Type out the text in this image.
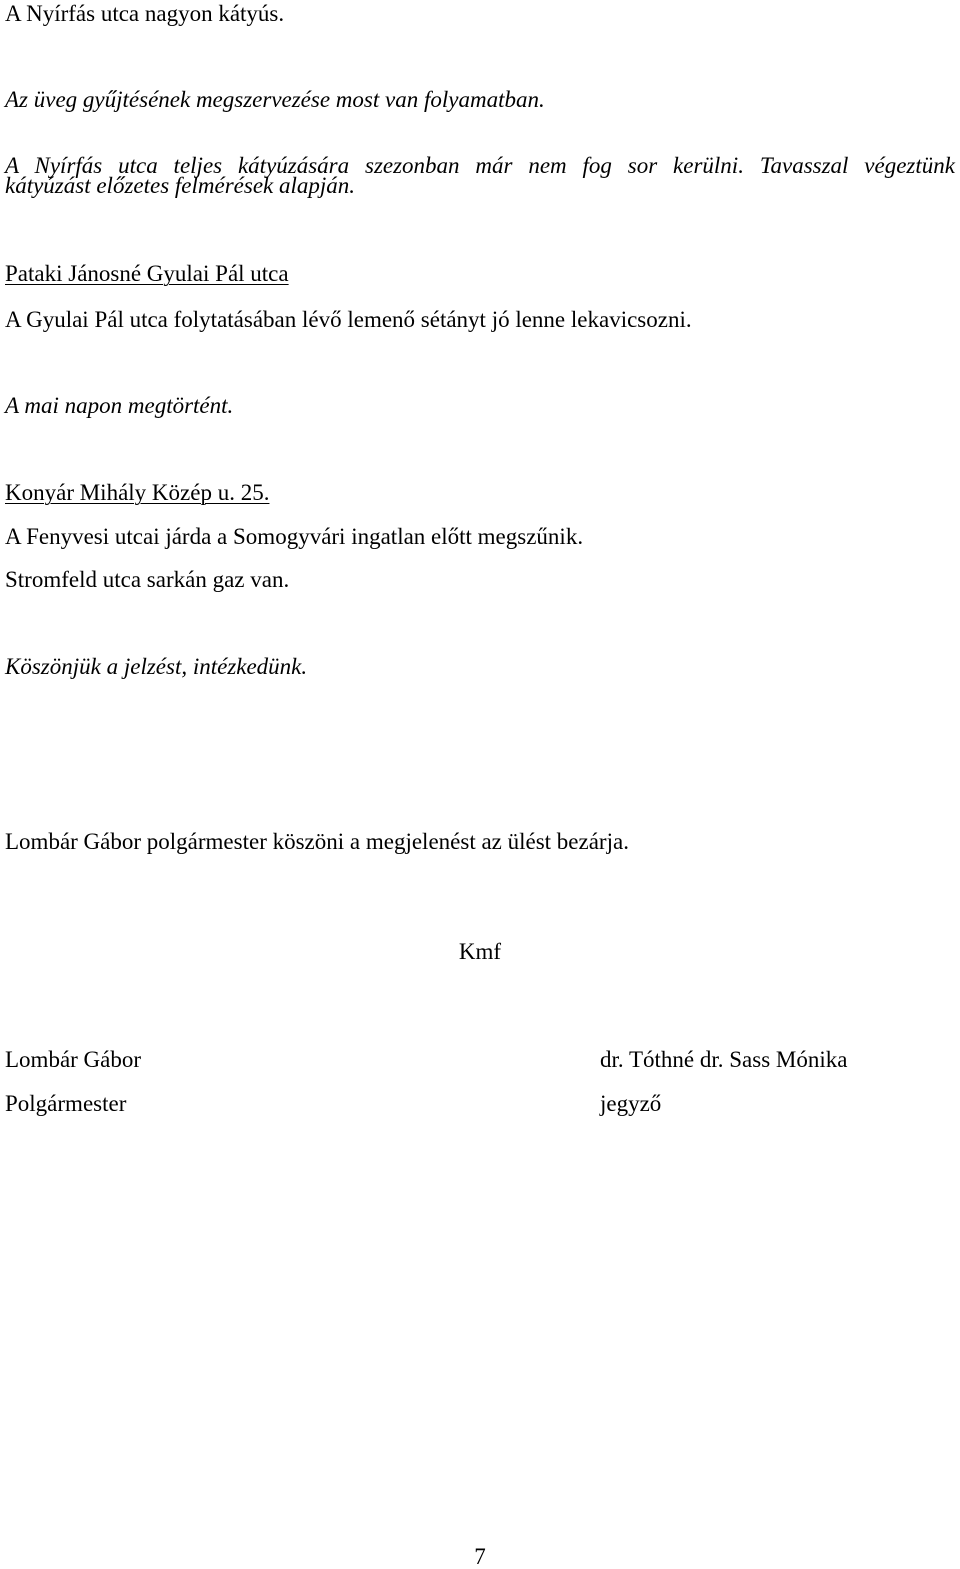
A Nyírfás utca nagyon kátyús.

Az üveg gyűjtésének megszervezése most van folyamatban.

A Nyírfás utca teljes kátyúzására szezonban már nem fog sor kerülni. Tavasszal végeztünk

kátyúzást előzetes felmérések alapján.

Pataki Jánosné Gyulai Pál utca

A Gyulai Pál utca folytatásában lévő lemenő sétányt jó lenne lekavicsozni.

A mai napon megtörtént.

Konyár Mihály Közép u. 25.

A Fenyvesi utcai járda a Somogyvári ingatlan előtt megszűnik.

Stromfeld utca sarkán gaz van.

Köszönjük a jelzést, intézkedünk.

Lombár Gábor polgármester köszöni a megjelenést az ülést bezárja.

Kmf

Lombár Gábor

Polgármester

dr. Tóthné dr. Sass Mónika

jegyző

7
